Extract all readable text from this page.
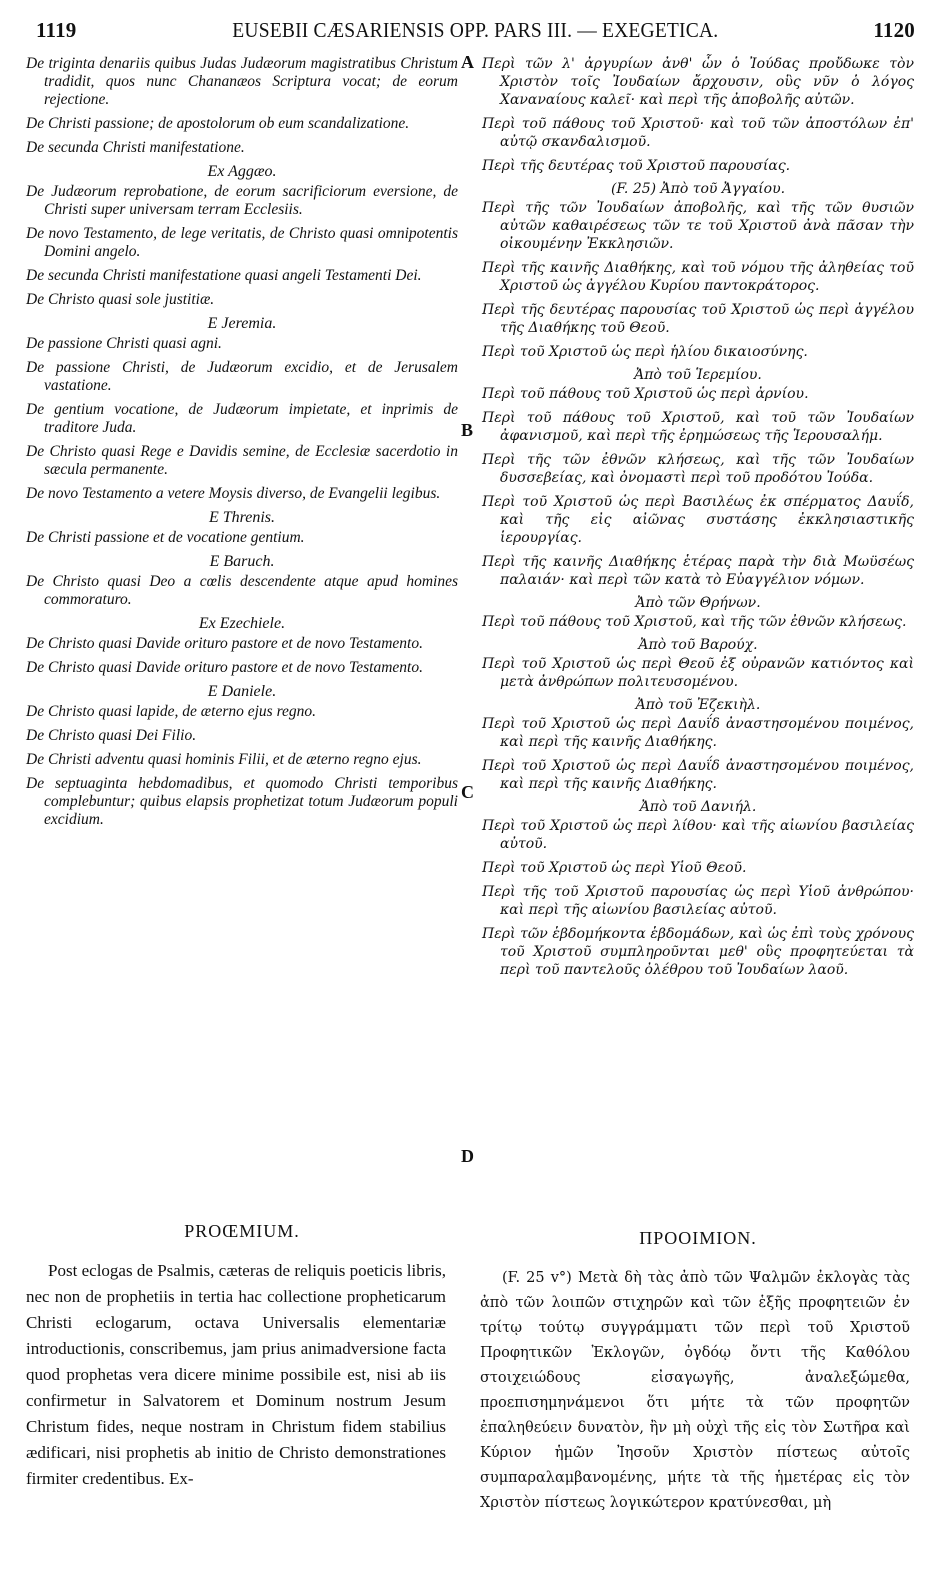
1119	EUSEBII CÆSARIENSIS OPP. PARS III. — EXEGETICA.	1120
De triginta denariis quibus Judas Judæorum magistratibus Christum tradidit, quos nunc Chananæos Scriptura vocat; de eorum rejectione.
De Christi passione; de apostolorum ob eum scandalizatione.
De secunda Christi manifestatione.
Ex Aggæo.
De Judæorum reprobatione, de eorum sacrificiorum eversione, de Christi super universam terram Ecclesiis.
De novo Testamento, de lege veritatis, de Christo quasi omnipotentis Domini angelo.
De secunda Christi manifestatione quasi angeli Testamenti Dei.
De Christo quasi sole justitiæ.
E Jeremia.
De passione Christi quasi agni.
De passione Christi, de Judæorum excidio, et de Jerusalem vastatione.
De gentium vocatione, de Judæorum impietate, et inprimis de traditore Juda.
De Christo quasi Rege e Davidis semine, de Ecclesiæ sacerdotio in sæcula permanente.
De novo Testamento a vetere Moysis diverso, de Evangelii legibus.
E Threnis.
De Christi passione et de vocatione gentium.
E Baruch.
De Christo quasi Deo a cœlis descendente atque apud homines commoraturo.
Ex Ezechiele.
De Christo quasi Davide orituro pastore et de novo Testamento.
De Christo quasi Davide orituro pastore et de novo Testamento.
E Daniele.
De Christo quasi lapide, de æterno ejus regno.
De Christo quasi Dei Filio.
De Christi adventu quasi hominis Filii, et de æterno regno ejus.
De septuaginta hebdomadibus, et quomodo Christi temporibus complebuntur; quibus elapsis prophetizat totum Judæorum populi excidium.
Περὶ τῶν λ' ἀργυρίων ἀνθ' ὧν ὁ Ἰούδας προὔδωκε τὸν Χριστὸν τοῖς Ἰουδαίων ἄρχουσιν, οὓς νῦν ὁ λόγος Χαναναίους καλεῖ· καὶ περὶ τῆς ἀποβολῆς αὐτῶν.
Περὶ τοῦ πάθους τοῦ Χριστοῦ· καὶ τοῦ τῶν ἀποστόλων ἐπ' αὐτῷ σκανδαλισμοῦ.
Περὶ τῆς δευτέρας τοῦ Χριστοῦ παρουσίας.
(F. 25) Ἀπὸ τοῦ Ἀγγαίου.
Περὶ τῆς τῶν Ἰουδαίων ἀποβολῆς, καὶ τῆς τῶν θυσιῶν αὐτῶν καθαιρέσεως τῶν τε τοῦ Χριστοῦ ἀνὰ πᾶσαν τὴν οἰκουμένην Ἐκκλησιῶν.
Περὶ τῆς καινῆς Διαθήκης, καὶ τοῦ νόμου τῆς ἀληθείας τοῦ Χριστοῦ ὡς ἀγγέλου Κυρίου παντοκράτορος.
Περὶ τῆς δευτέρας παρουσίας τοῦ Χριστοῦ ὡς περὶ ἀγγέλου τῆς Διαθήκης τοῦ Θεοῦ.
Περὶ τοῦ Χριστοῦ ὡς περὶ ἡλίου δικαιοσύνης.
Ἀπὸ τοῦ Ἱερεμίου.
Περὶ τοῦ πάθους τοῦ Χριστοῦ ὡς περὶ ἀρνίου.
Περὶ τοῦ πάθους τοῦ Χριστοῦ, καὶ τοῦ τῶν Ἰουδαίων ἀφανισμοῦ, καὶ περὶ τῆς ἐρημώσεως τῆς Ἱερουσαλήμ.
Περὶ τῆς τῶν ἐθνῶν κλήσεως, καὶ τῆς τῶν Ἰουδαίων δυσσεβείας, καὶ ὀνομαστὶ περὶ τοῦ προδότου Ἰούδα.
Περὶ τοῦ Χριστοῦ ὡς περὶ Βασιλέως ἐκ σπέρματος Δαυΐδ, καὶ τῆς εἰς αἰῶνας συστάσης ἐκκλησιαστικῆς ἱερουργίας.
Περὶ τῆς καινῆς Διαθήκης ἑτέρας παρὰ τὴν διὰ Μωϋσέως παλαιάν· καὶ περὶ τῶν κατὰ τὸ Εὐαγγέλιον νόμων.
Ἀπὸ τῶν Θρήνων.
Περὶ τοῦ πάθους τοῦ Χριστοῦ, καὶ τῆς τῶν ἐθνῶν κλήσεως.
Ἀπὸ τοῦ Βαρούχ.
Περὶ τοῦ Χριστοῦ ὡς περὶ Θεοῦ ἐξ οὐρανῶν κατιόντος καὶ μετὰ ἀνθρώπων πολιτευσομένου.
Ἀπὸ τοῦ Ἐζεκιὴλ.
Περὶ τοῦ Χριστοῦ ὡς περὶ Δαυΐδ ἀναστησομένου ποιμένος, καὶ περὶ τῆς καινῆς Διαθήκης.
Περὶ τοῦ Χριστοῦ ὡς περὶ Δαυΐδ ἀναστησομένου ποιμένος, καὶ περὶ τῆς καινῆς Διαθήκης.
Ἀπὸ τοῦ Δανιήλ.
Περὶ τοῦ Χριστοῦ ὡς περὶ λίθου· καὶ τῆς αἰωνίου βασιλείας αὐτοῦ.
Περὶ τοῦ Χριστοῦ ὡς περὶ Υἱοῦ Θεοῦ.
Περὶ τῆς τοῦ Χριστοῦ παρουσίας ὡς περὶ Υἱοῦ ἀνθρώπου· καὶ περὶ τῆς αἰωνίου βασιλείας αὐτοῦ.
Περὶ τῶν ἑβδομήκοντα ἑβδομάδων, καὶ ὡς ἐπὶ τοὺς χρόνους τοῦ Χριστοῦ συμπληροῦνται μεθ' οὓς προφητεύεται τὰ περὶ τοῦ παντελοῦς ὀλέθρου τοῦ Ἰουδαίων λαοῦ.
A
B
C
D
PROŒMIUM.	ΠΡΟΟΙΜΙΟΝ.
Post eclogas de Psalmis, cæteras de reliquis poeticis libris, nec non de prophetiis in tertia hac collectione propheticarum Christi eclogarum, octava Universalis elementariæ introductionis, conscribemus, jam prius animadversione facta quod prophetas vera dicere minime possibile est, nisi ab iis confirmetur in Salvatorem et Dominum nostrum Jesum Christum fides, neque nostram in Christum fidem stabilius ædificari, nisi prophetis ab initio de Christo demonstrationes firmiter credentibus. Ex-
(F. 25 v°) Μετὰ δὴ τὰς ἀπὸ τῶν Ψαλμῶν ἐκλογὰς τὰς ἀπὸ τῶν λοιπῶν στιχηρῶν καὶ τῶν ἑξῆς προφητειῶν ἐν τρίτῳ τούτῳ συγγράμματι τῶν περὶ τοῦ Χριστοῦ Προφητικῶν Ἐκλογῶν, ὀγδόῳ ὄντι τῆς Καθόλου στοιχειώδους εἰσαγωγῆς, ἀναλεξώμεθα, προεπισημηνάμενοι ὅτι μήτε τὰ τῶν προφητῶν ἐπαληθεύειν δυνατὸν, ἢν μὴ οὐχὶ τῆς εἰς τὸν Σωτῆρα καὶ Κύριον ἡμῶν Ἰησοῦν Χριστὸν πίστεως αὐτοῖς συμπαραλαμβανομένης, μήτε τὰ τῆς ἡμετέρας εἰς τὸν Χριστὸν πίστεως λογικώτερον κρατύνεσθαι, μὴ
